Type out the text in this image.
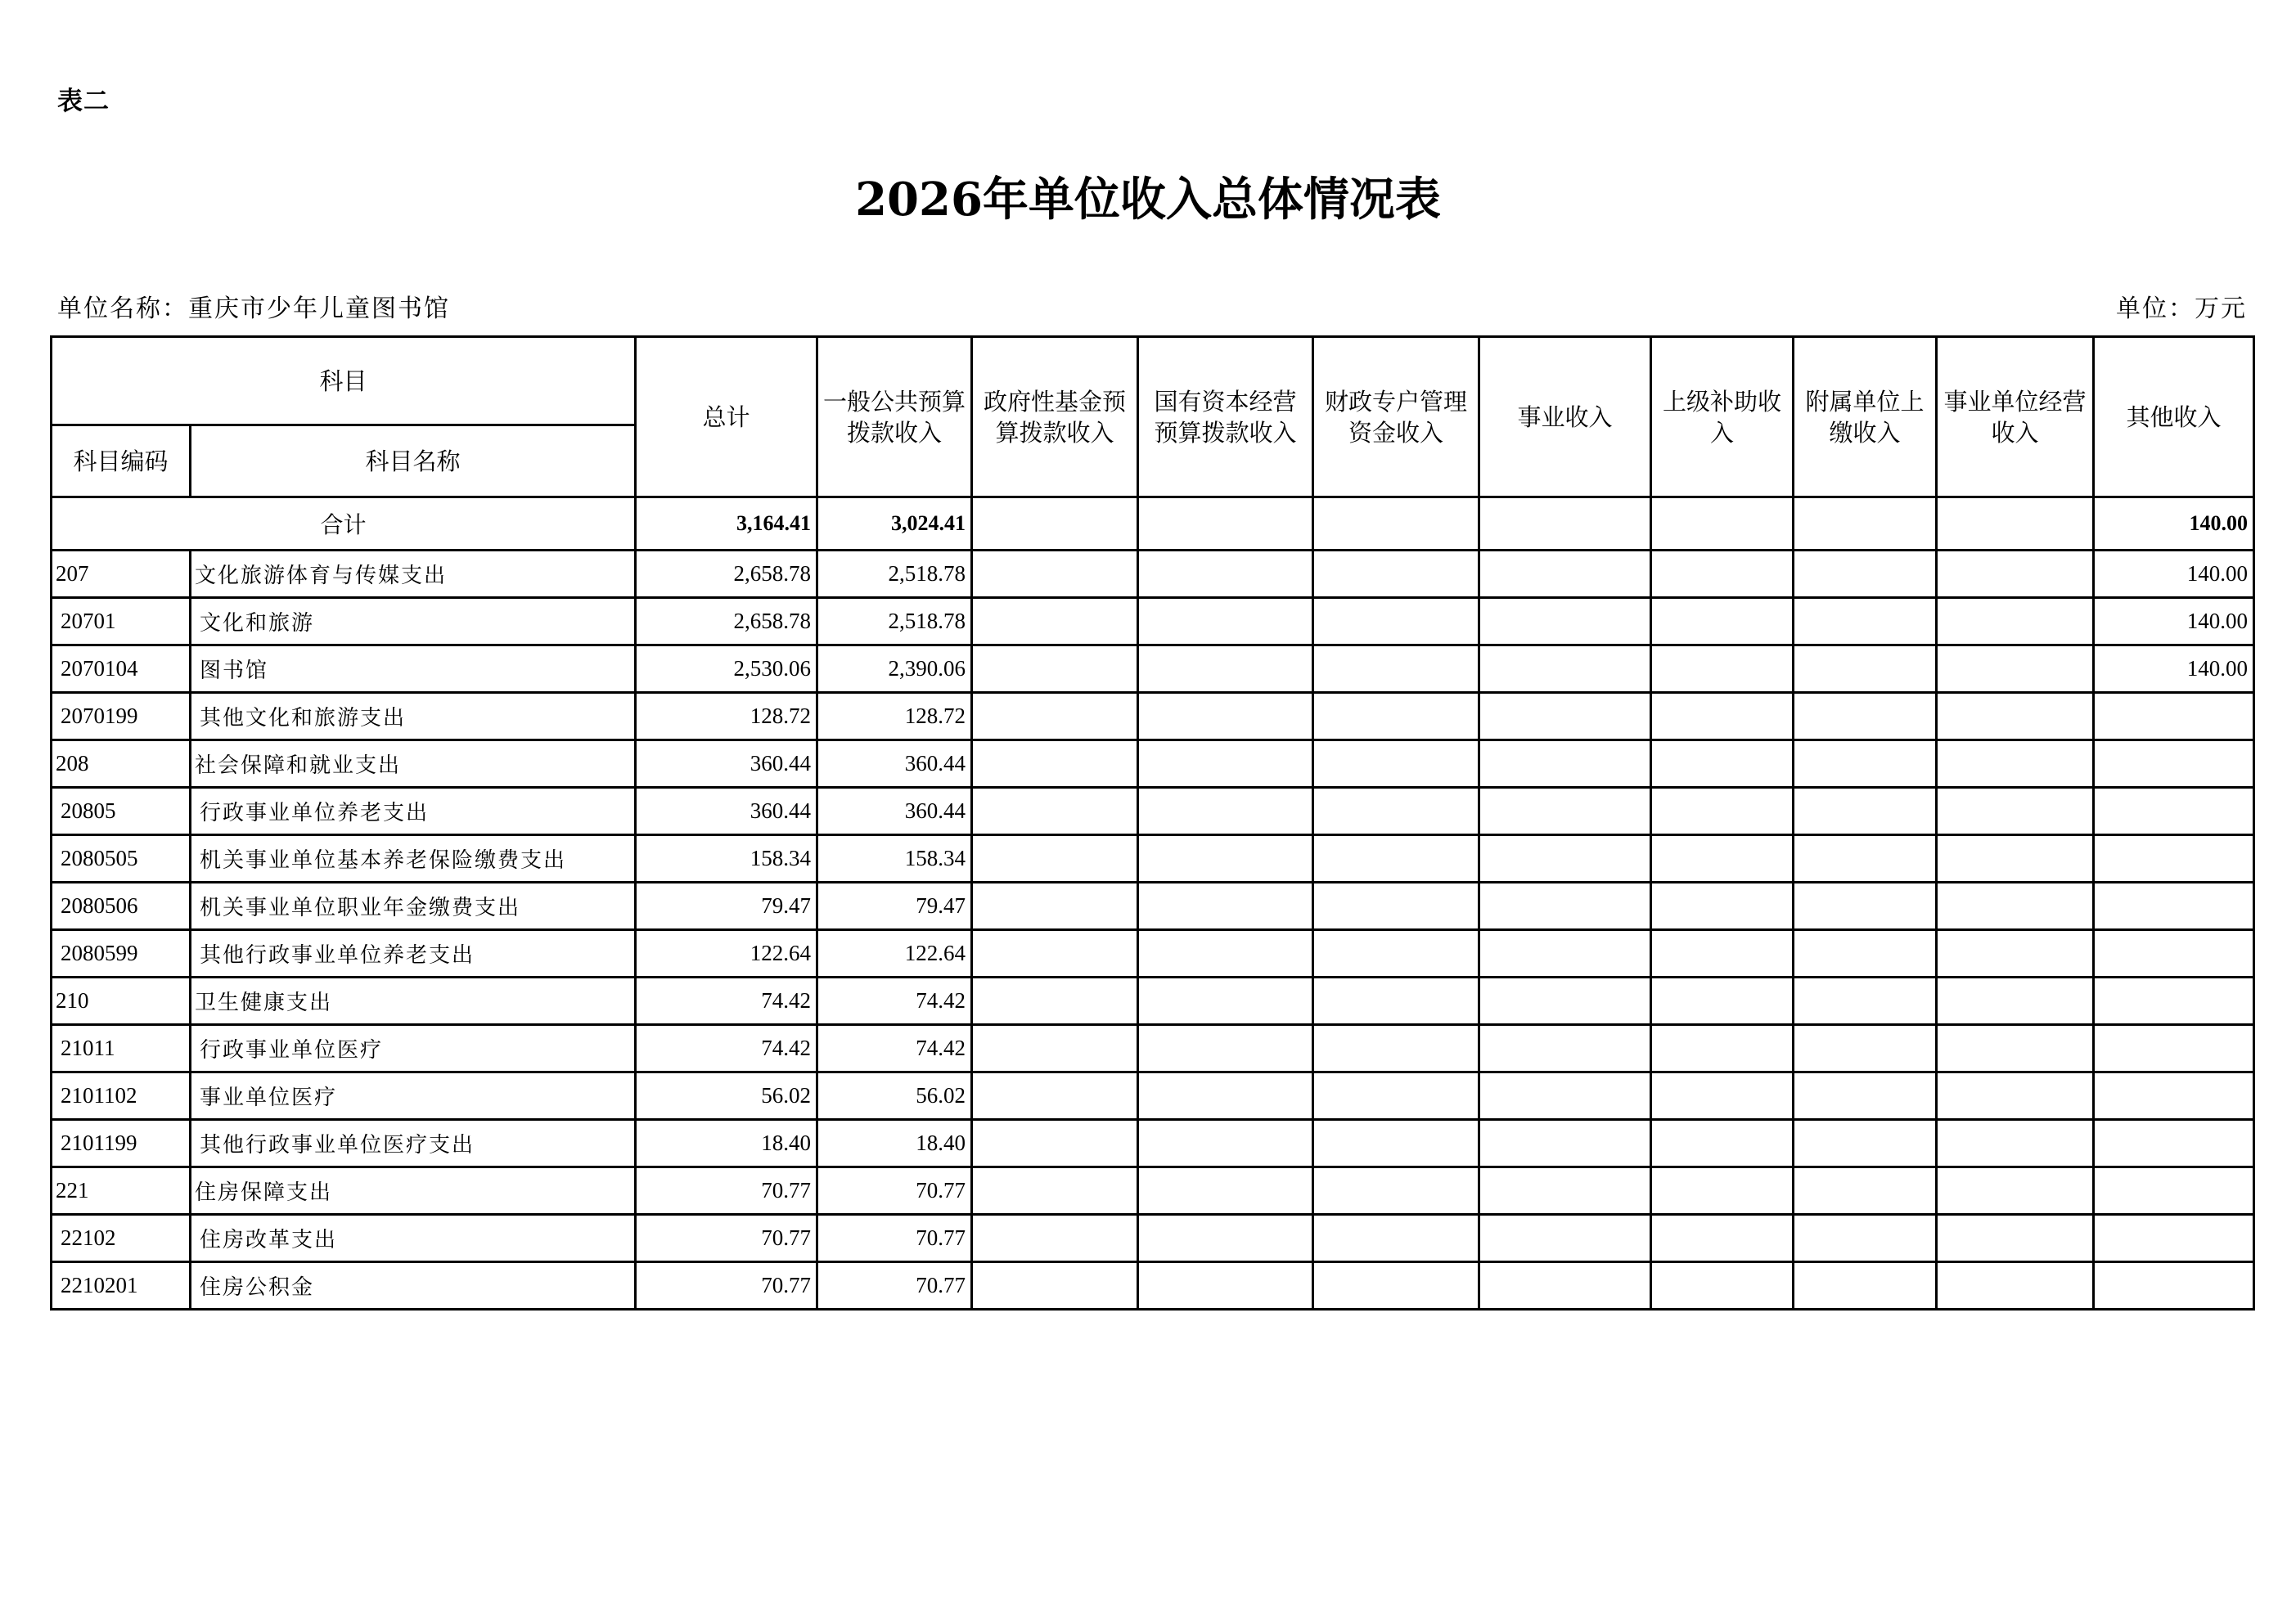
表二
2026年单位收入总体情况表
单位名称：重庆市少年儿童图书馆	单位：万元
科目		总计	一般公共预算拨款收入	政府性基金预算拨款收入	国有资本经营预算拨款收入	财政专户管理资金收入	事业收入	上级补助收入	附属单位上缴收入	事业单位经营收入	其他收入
科目编码	科目名称										
合计		3,164.41	3,024.41								140.00
207	文化旅游体育与传媒支出	2,658.78	2,518.78								140.00
20701	文化和旅游	2,658.78	2,518.78								140.00
2070104	图书馆	2,530.06	2,390.06								140.00
2070199	其他文化和旅游支出	128.72	128.72								
208	社会保障和就业支出	360.44	360.44								
20805	行政事业单位养老支出	360.44	360.44								
2080505	机关事业单位基本养老保险缴费支出	158.34	158.34								
2080506	机关事业单位职业年金缴费支出	79.47	79.47								
2080599	其他行政事业单位养老支出	122.64	122.64								
210	卫生健康支出	74.42	74.42								
21011	行政事业单位医疗	74.42	74.42								
2101102	事业单位医疗	56.02	56.02								
2101199	其他行政事业单位医疗支出	18.40	18.40								
221	住房保障支出	70.77	70.77								
22102	住房改革支出	70.77	70.77								
2210201	住房公积金	70.77	70.77								
